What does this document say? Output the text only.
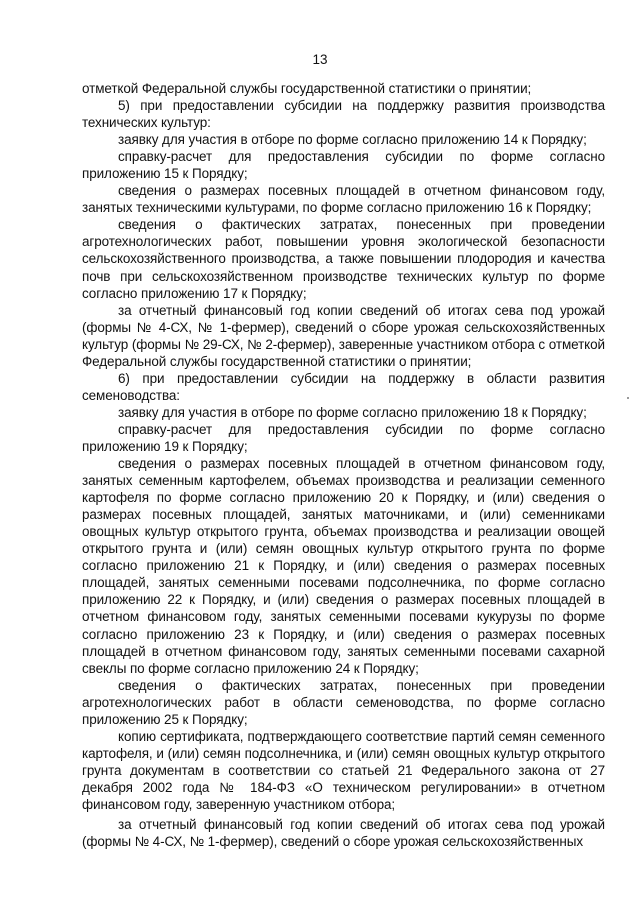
13

отметкой Федеральной службы государственной статистики о принятии;

5) при предоставлении субсидии на поддержку развития производства технических культур:

заявку для участия в отборе по форме согласно приложению 14 к Порядку;

справку-расчет для предоставления субсидии по форме согласно приложению 15 к Порядку;

сведения о размерах посевных площадей в отчетном финансовом году, занятых техническими культурами, по форме согласно приложению 16 к Порядку;

сведения о фактических затратах, понесенных при проведении агротехнологических работ, повышении уровня экологической безопасности сельскохозяйственного производства, а также повышении плодородия и качества почв при сельскохозяйственном производстве технических культур по форме согласно приложению 17 к Порядку;

за отчетный финансовый год копии сведений об итогах сева под урожай (формы № 4-СХ, № 1-фермер), сведений о сборе урожая сельскохозяйственных культур (формы № 29-СХ, № 2-фермер), заверенные участником отбора с отметкой Федеральной службы государственной статистики о принятии;

6) при предоставлении субсидии на поддержку в области развития семеноводства:

заявку для участия в отборе по форме согласно приложению 18 к Порядку;

справку-расчет для предоставления субсидии по форме согласно приложению 19 к Порядку;

сведения о размерах посевных площадей в отчетном финансовом году, занятых семенным картофелем, объемах производства и реализации семенного картофеля по форме согласно приложению 20 к Порядку, и (или) сведения о размерах посевных площадей, занятых маточниками, и (или) семенниками овощных культур открытого грунта, объемах производства и реализации овощей открытого грунта и (или) семян овощных культур открытого грунта по форме согласно приложению 21 к Порядку, и (или) сведения о размерах посевных площадей, занятых семенными посевами подсолнечника, по форме согласно приложению 22 к Порядку, и (или) сведения о размерах посевных площадей в отчетном финансовом году, занятых семенными посевами кукурузы по форме согласно приложению 23 к Порядку, и (или) сведения о размерах посевных площадей в отчетном финансовом году, занятых семенными посевами сахарной свеклы по форме согласно приложению 24 к Порядку;

сведения о фактических затратах, понесенных при проведении агротехнологических работ в области семеноводства, по форме согласно приложению 25 к Порядку;

копию сертификата, подтверждающего соответствие партий семян семенного картофеля, и (или) семян подсолнечника, и (или) семян овощных культур открытого грунта документам в соответствии со статьей 21 Федерального закона от 27 декабря 2002 года № 184-ФЗ «О техническом регулировании» в отчетном финансовом году, заверенную участником отбора;

за отчетный финансовый год копии сведений об итогах сева под урожай (формы № 4-СХ, № 1-фермер), сведений о сборе урожая сельскохозяйственных
